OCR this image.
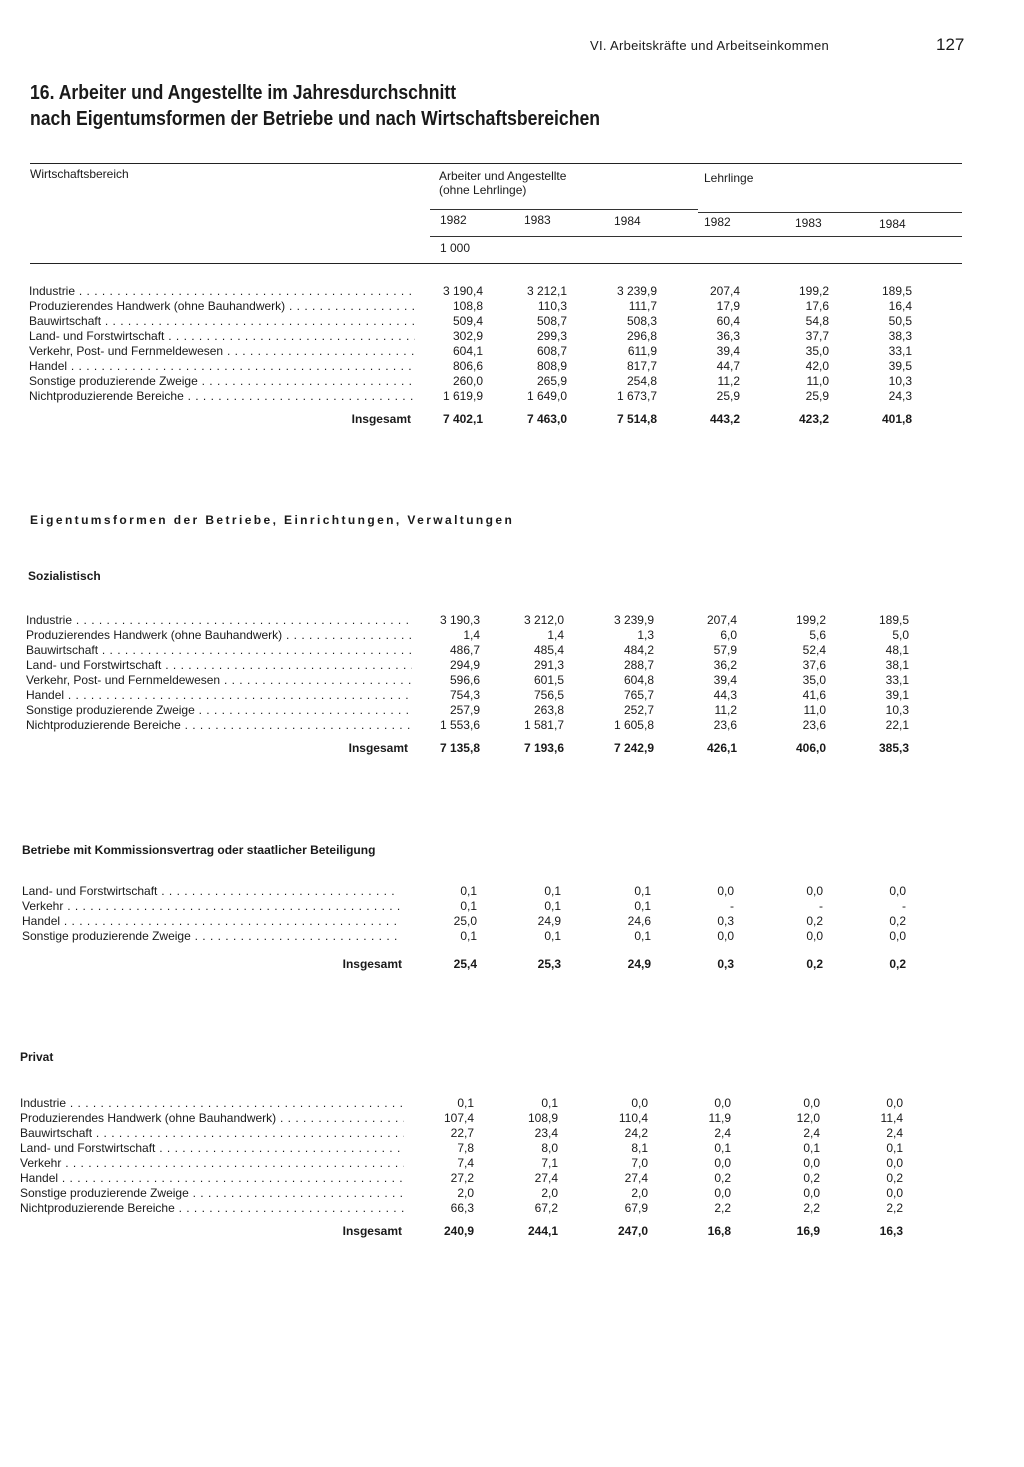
VI. Arbeitskräfte und Arbeitseinkommen	127
16. Arbeiter und Angestellte im Jahresdurchschnitt
nach Eigentumsformen der Betriebe und nach Wirtschaftsbereichen
Wirtschaftsbereich	Arbeiter und Angestellte
(ohne Lehrlinge)
Lehrlinge
1982	1983	1984	1982	1983	1984
1 000
Industrie . . .	3 190,4	3 212,1	3 239,9	207,4	199,2	189,5
Produzierendes Handwerk (ohne Bauhandwerk) . . .	108,8	110,3	111,7	17,9	17,6	16,4
Bauwirtschaft . . .	509,4	508,7	508,3	60,4	54,8	50,5
Land- und Forstwirtschaft . . .	302,9	299,3	296,8	36,3	37,7	38,3
Verkehr, Post- und Fernmeldewesen . . .	604,1	608,7	611,9	39,4	35,0	33,1
Handel . . .	806,6	808,9	817,7	44,7	42,0	39,5
Sonstige produzierende Zweige . . .	260,0	265,9	254,8	11,2	11,0	10,3
Nichtproduzierende Bereiche . . .	1 619,9	1 649,0	1 673,7	25,9	25,9	24,3
Insgesamt	7 402,1	7 463,0	7 514,8	443,2	423,2	401,8
Eigentumsformen der Betriebe, Einrichtungen, Verwaltungen
Sozialistisch
Industrie . . .	3 190,3	3 212,0	3 239,9	207,4	199,2	189,5
Produzierendes Handwerk (ohne Bauhandwerk) . . .	1,4	1,4	1,3	6,0	5,6	5,0
Bauwirtschaft . . .	486,7	485,4	484,2	57,9	52,4	48,1
Land- und Forstwirtschaft . . .	294,9	291,3	288,7	36,2	37,6	38,1
Verkehr, Post- und Fernmeldewesen . . .	596,6	601,5	604,8	39,4	35,0	33,1
Handel . . .	754,3	756,5	765,7	44,3	41,6	39,1
Sonstige produzierende Zweige . . .	257,9	263,8	252,7	11,2	11,0	10,3
Nichtproduzierende Bereiche . . .	1 553,6	1 581,7	1 605,8	23,6	23,6	22,1
Insgesamt	7 135,8	7 193,6	7 242,9	426,1	406,0	385,3
Betriebe mit Kommissionsvertrag oder staatlicher Beteiligung
Land- und Forstwirtschaft . . .	0,1	0,1	0,1	0,0	0,0	0,0
Verkehr . . .	0,1	0,1	0,1	-	-	-
Handel . . .	25,0	24,9	24,6	0,3	0,2	0,2
Sonstige produzierende Zweige . . .	0,1	0,1	0,1	0,0	0,0	0,0
Insgesamt	25,4	25,3	24,9	0,3	0,2	0,2
Privat
Industrie . . .	0,1	0,1	0,0	0,0	0,0	0,0
Produzierendes Handwerk (ohne Bauhandwerk) . . .	107,4	108,9	110,4	11,9	12,0	11,4
Bauwirtschaft . . .	22,7	23,4	24,2	2,4	2,4	2,4
Land- und Forstwirtschaft . . .	7,8	8,0	8,1	0,1	0,1	0,1
Verkehr . . .	7,4	7,1	7,0	0,0	0,0	0,0
Handel . . .	27,2	27,4	27,4	0,2	0,2	0,2
Sonstige produzierende Zweige . . .	2,0	2,0	2,0	0,0	0,0	0,0
Nichtproduzierende Bereiche . . .	66,3	67,2	67,9	2,2	2,2	2,2
Insgesamt	240,9	244,1	247,0	16,8	16,9	16,3
